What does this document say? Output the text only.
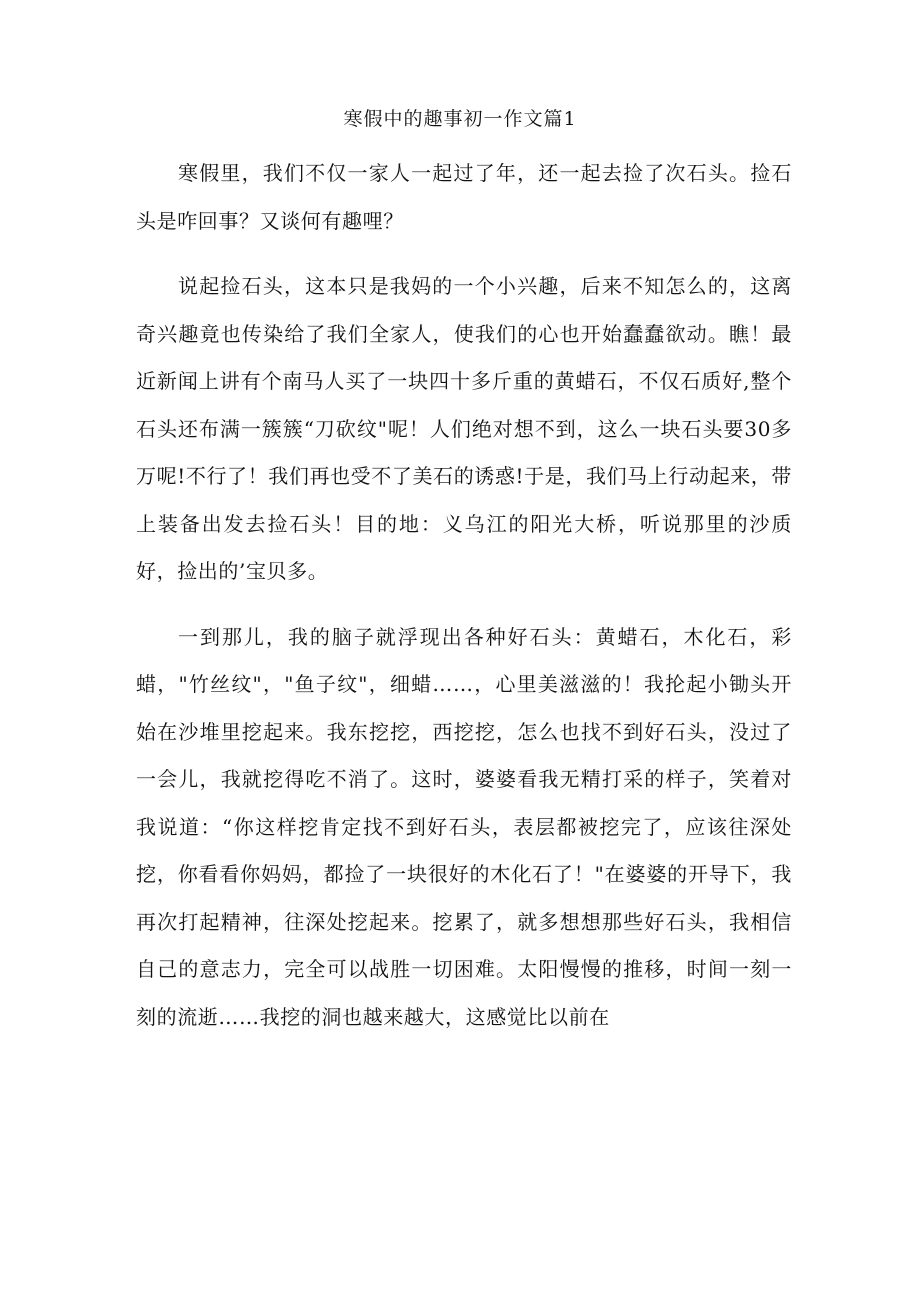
寒假中的趣事初一作文篇1

寒假里，我们不仅一家人一起过了年，还一起去捡了次石头。捡石头是咋回事？又谈何有趣哩？

说起捡石头，这本只是我妈的一个小兴趣，后来不知怎么的，这离奇兴趣竟也传染给了我们全家人，使我们的心也开始蠢蠢欲动。瞧！最近新闻上讲有个南马人买了一块四十多斤重的黄蜡石，不仅石质好,整个石头还布满一簇簇“刀砍纹"呢！人们绝对想不到，这么一块石头要30多万呢!不行了！我们再也受不了美石的诱惑!于是，我们马上行动起来，带上装备出发去捡石头！目的地：义乌江的阳光大桥，听说那里的沙质好，捡出的’宝贝多。

一到那儿，我的脑子就浮现出各种好石头：黄蜡石，木化石，彩蜡，"竹丝纹"，"鱼子纹"，细蜡……，心里美滋滋的！我抡起小锄头开始在沙堆里挖起来。我东挖挖，西挖挖，怎么也找不到好石头，没过了一会儿，我就挖得吃不消了。这时，婆婆看我无精打采的样子，笑着对我说道：“你这样挖肯定找不到好石头，表层都被挖完了，应该往深处挖，你看看你妈妈，都捡了一块很好的木化石了！"在婆婆的开导下，我再次打起精神，往深处挖起来。挖累了，就多想想那些好石头，我相信自己的意志力，完全可以战胜一切困难。太阳慢慢的推移，时间一刻一刻的流逝……我挖的洞也越来越大，这感觉比以前在
